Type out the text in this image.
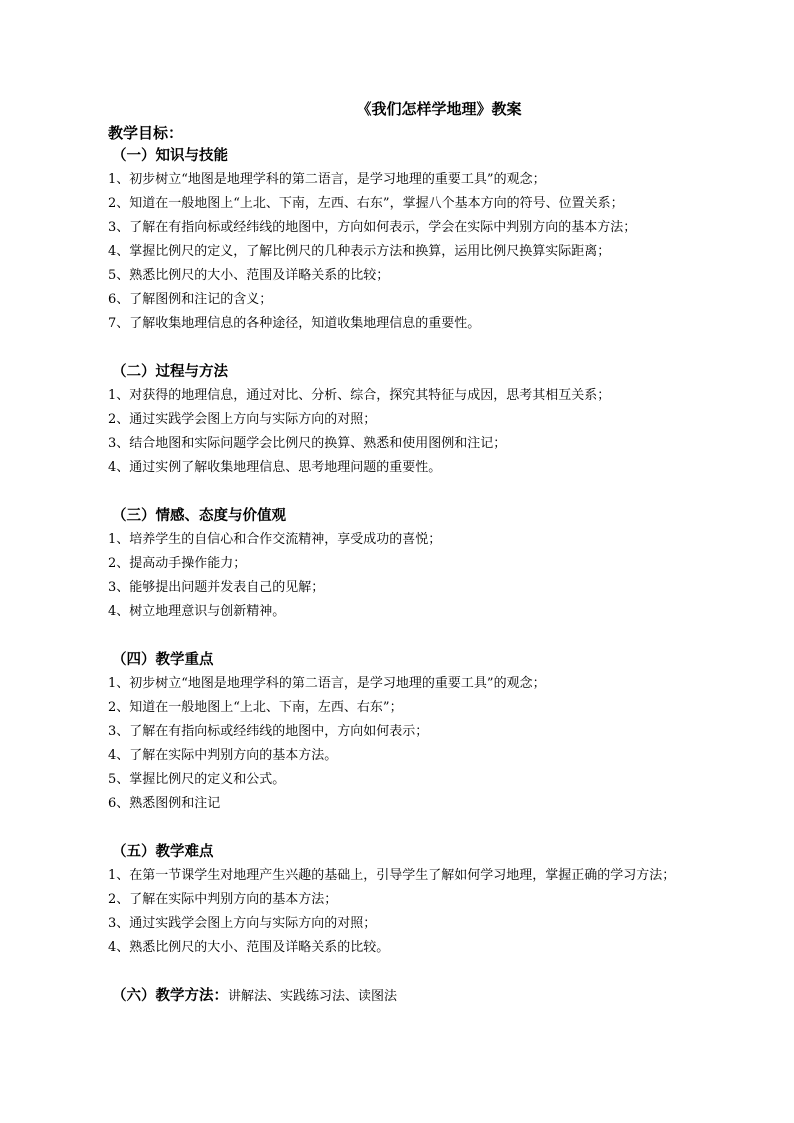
《我们怎样学地理》教案
教学目标：
（一）知识与技能
1、初步树立“地图是地理学科的第二语言，是学习地理的重要工具”的观念；
2、知道在一般地图上“上北、下南，左西、右东”，掌握八个基本方向的符号、位置关系；
3、了解在有指向标或经纬线的地图中，方向如何表示，学会在实际中判别方向的基本方法；
4、掌握比例尺的定义，了解比例尺的几种表示方法和换算，运用比例尺换算实际距离；
5、熟悉比例尺的大小、范围及详略关系的比较；
6、了解图例和注记的含义；
7、了解收集地理信息的各种途径，知道收集地理信息的重要性。
（二）过程与方法
1、对获得的地理信息，通过对比、分析、综合，探究其特征与成因，思考其相互关系；
2、通过实践学会图上方向与实际方向的对照；
3、结合地图和实际问题学会比例尺的换算、熟悉和使用图例和注记；
4、通过实例了解收集地理信息、思考地理问题的重要性。
（三）情感、态度与价值观
1、培养学生的自信心和合作交流精神，享受成功的喜悦；
2、提高动手操作能力；
3、能够提出问题并发表自己的见解；
4、树立地理意识与创新精神。
（四）教学重点
1、初步树立“地图是地理学科的第二语言，是学习地理的重要工具”的观念；
2、知道在一般地图上“上北、下南，左西、右东”；
3、了解在有指向标或经纬线的地图中，方向如何表示；
4、了解在实际中判别方向的基本方法。
5、掌握比例尺的定义和公式。
6、熟悉图例和注记
（五）教学难点
1、在第一节课学生对地理产生兴趣的基础上，引导学生了解如何学习地理，掌握正确的学习方法；
2、了解在实际中判别方向的基本方法；
3、通过实践学会图上方向与实际方向的对照；
4、熟悉比例尺的大小、范围及详略关系的比较。
（六）教学方法：讲解法、实践练习法、读图法
